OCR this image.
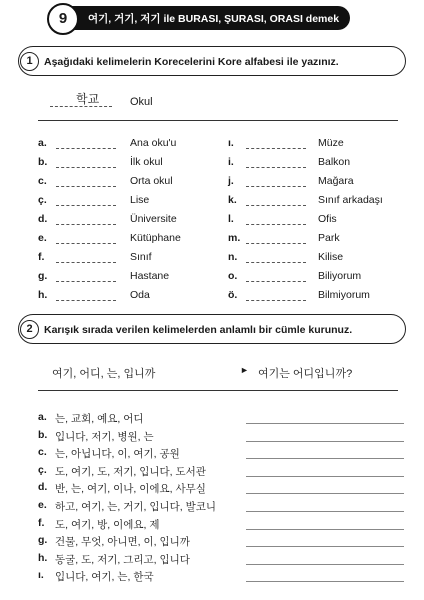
9	여기, 거기, 저기 ile BURASI, ŞURASI, ORASI demek
1	Aşağıdaki kelimelerin Korecelerini Kore alfabesi ile yazınız.
학교	Okul
a.	Ana oku'u
b.	İlk okul
c.	Orta okul
ç.	Lise
d.	Üniversite
e.	Kütüphane
f.	Sınıf
g.	Hastane
h.	Oda
ı.	Müze
i.	Balkon
j.	Mağara
k.	Sınıf arkadaşı
l.	Ofis
m.	Park
n.	Kilise
o.	Biliyorum
ö.	Bilmiyorum
2	Karışık sırada verilen kelimelerden anlamlı bir cümle kurunuz.
여기, 어디, 는, 입니까	► 여기는 어디입니까?
a. 는, 교회, 예요, 어디
b. 입니다, 저기, 병원, 는
c. 는, 아닙니다, 이, 여기, 공원
ç. 도, 여기, 도, 저기, 입니다, 도서관
d. 반, 는, 여기, 이나, 이에요, 사무실
e. 하고, 여기, 는, 거기, 입니다, 발코니
f. 도, 여기, 방, 이에요, 제
g. 건물, 무엇, 아니면, 이, 입니까
h. 동굴, 도, 저기, 그리고, 입니다
ı. 입니다, 여기, 는, 한국
